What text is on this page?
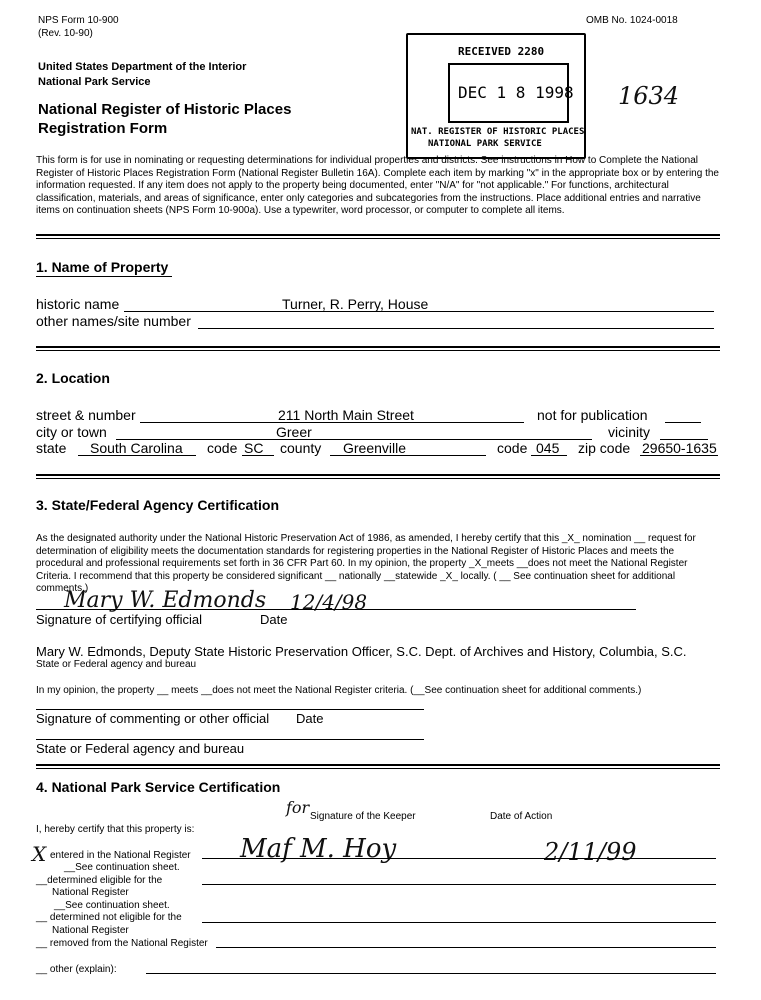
NPS Form 10-900
(Rev. 10-90)
OMB No. 1024-0018
United States Department of the Interior
National Park Service
National Register of Historic Places
Registration Form
RECEIVED 2280
DEC 1 8 1998
NAT. REGISTER OF HISTORIC PLACES
NATIONAL PARK SERVICE
1634
This form is for use in nominating or requesting determinations for individual properties and districts. See instructions in How to Complete the National Register of Historic Places Registration Form (National Register Bulletin 16A). Complete each item by marking "x" in the appropriate box or by entering the information requested. If any item does not apply to the property being documented, enter "N/A" for "not applicable." For functions, architectural classification, materials, and areas of significance, enter only categories and subcategories from the instructions. Place additional entries and narrative items on continuation sheets (NPS Form 10-900a). Use a typewriter, word processor, or computer to complete all items.
1. Name of Property
historic name	Turner, R. Perry, House
other names/site number
2. Location
street & number	211 North Main Street	not for publication
city or town	Greer	vicinity
state South Carolina code SC county Greenville	code 045 zip code 29650-1635
3. State/Federal Agency Certification
As the designated authority under the National Historic Preservation Act of 1986, as amended, I hereby certify that this _X_ nomination __ request for determination of eligibility meets the documentation standards for registering properties in the National Register of Historic Places and meets the procedural and professional requirements set forth in 36 CFR Part 60. In my opinion, the property _X_meets __does not meet the National Register Criteria. I recommend that this property be considered significant __ nationally __statewide _X_ locally. ( __ See continuation sheet for additional comments.)
Mary W. Edmonds 12/4/98
Signature of certifying official	Date
Mary W. Edmonds, Deputy State Historic Preservation Officer, S.C. Dept. of Archives and History, Columbia, S.C.
State or Federal agency and bureau
In my opinion, the property __ meets __does not meet the National Register criteria. (__See continuation sheet for additional comments.)
Signature of commenting or other official Date
State or Federal agency and bureau
4. National Park Service Certification
for Signature of the Keeper	Date of Action
I, hereby certify that this property is:
X entered in the National Register Maf M. Hoy	2/11/99
__See continuation sheet.
__determined eligible for the
National Register
__See continuation sheet.
__ determined not eligible for the
National Register
__ removed from the National Register
__ other (explain):
